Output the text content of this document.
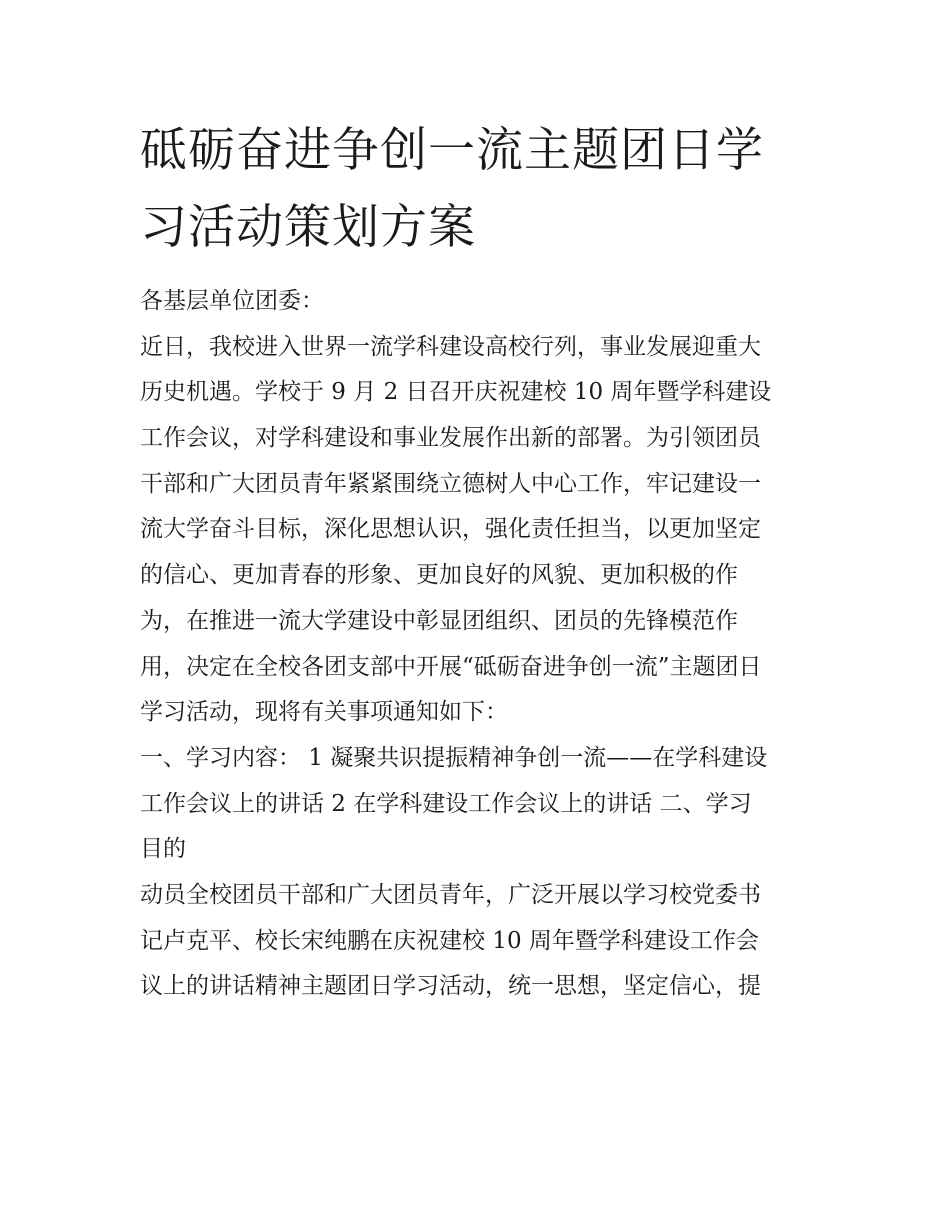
砥砺奋进争创一流主题团日学
习活动策划方案
各基层单位团委：
近日，我校进入世界一流学科建设高校行列，事业发展迎重大
历史机遇。学校于 9 月 2 日召开庆祝建校 10 周年暨学科建设
工作会议，对学科建设和事业发展作出新的部署。为引领团员
干部和广大团员青年紧紧围绕立德树人中心工作，牢记建设一
流大学奋斗目标，深化思想认识，强化责任担当，以更加坚定
的信心、更加青春的形象、更加良好的风貌、更加积极的作
为，在推进一流大学建设中彰显团组织、团员的先锋模范作
用，决定在全校各团支部中开展“砥砺奋进争创一流”主题团日
学习活动，现将有关事项通知如下：
一、学习内容： 1 凝聚共识提振精神争创一流——在学科建设
工作会议上的讲话 2 在学科建设工作会议上的讲话 二、学习
目的
动员全校团员干部和广大团员青年，广泛开展以学习校党委书
记卢克平、校长宋纯鹏在庆祝建校 10 周年暨学科建设工作会
议上的讲话精神主题团日学习活动，统一思想，坚定信心，提
